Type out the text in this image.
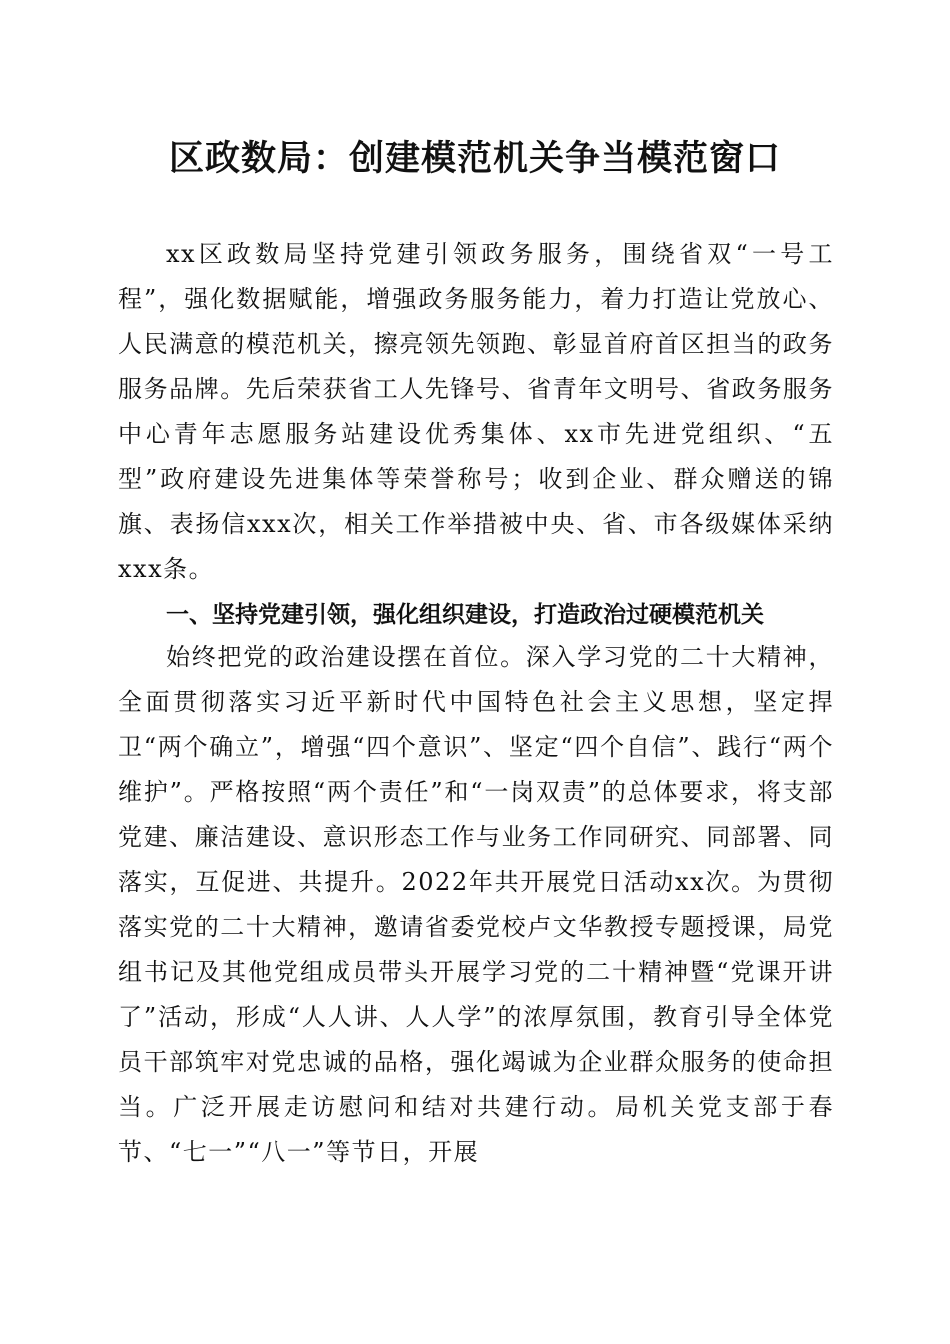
区政数局：创建模范机关争当模范窗口

xx区政数局坚持党建引领政务服务，围绕省双“一号工程”，强化数据赋能，增强政务服务能力，着力打造让党放心、人民满意的模范机关，擦亮领先领跑、彰显首府首区担当的政务服务品牌。先后荣获省工人先锋号、省青年文明号、省政务服务中心青年志愿服务站建设优秀集体、xx市先进党组织、“五型”政府建设先进集体等荣誉称号；收到企业、群众赠送的锦旗、表扬信xxx次，相关工作举措被中央、省、市各级媒体采纳xxx条。

一、坚持党建引领，强化组织建设，打造政治过硬模范机关

始终把党的政治建设摆在首位。深入学习党的二十大精神，全面贯彻落实习近平新时代中国特色社会主义思想，坚定捍卫“两个确立”，增强“四个意识”、坚定“四个自信”、践行“两个维护”。严格按照“两个责任”和“一岗双责”的总体要求，将支部党建、廉洁建设、意识形态工作与业务工作同研究、同部署、同落实，互促进、共提升。2022年共开展党日活动xx次。为贯彻落实党的二十大精神，邀请省委党校卢文华教授专题授课，局党组书记及其他党组成员带头开展学习党的二十精神暨“党课开讲了”活动，形成“人人讲、人人学”的浓厚氛围，教育引导全体党员干部筑牢对党忠诚的品格，强化竭诚为企业群众服务的使命担当。广泛开展走访慰问和结对共建行动。局机关党支部于春节、“七一”“八一”等节日，开展
